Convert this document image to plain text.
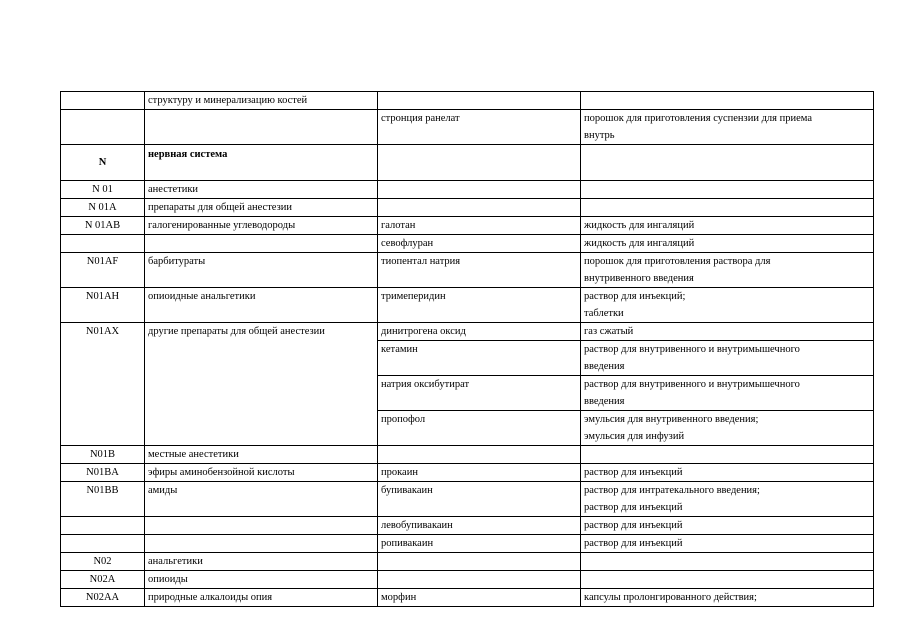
	структуру и минерализацию костей		

		стронция ранелат	порошок для приготовления суспензии для приема
внутрь

N	нервная система		

N 01	анестетики		

N 01A	препараты для общей анестезии		

N 01AB	галогенированные углеводороды	галотан	жидкость для ингаляций

		севофлуран	жидкость для ингаляций

N01AF	барбитураты	тиопентал натрия	порошок для приготовления раствора для
внутривенного введения

N01AH	опиоидные анальгетики	тримеперидин	раствор для инъекций;
таблетки

N01AX	другие препараты для общей анестезии	динитрогена оксид	газ сжатый

		кетамин	раствор для внутривенного и внутримышечного
введения

		натрия оксибутират	раствор для внутривенного и внутримышечного
введения

		пропофол	эмульсия для внутривенного введения;
эмульсия для инфузий

N01B	местные анестетики		

N01BA	эфиры аминобензойной кислоты	прокаин	раствор для инъекций

N01BB	амиды	бупивакаин	раствор для интратекального введения;
раствор для инъекций

		левобупивакаин	раствор для инъекций

		ропивакаин	раствор для инъекций

N02	анальгетики		

N02A	опиоиды		

N02AA	природные алкалоиды опия	морфин	капсулы пролонгированного действия;
